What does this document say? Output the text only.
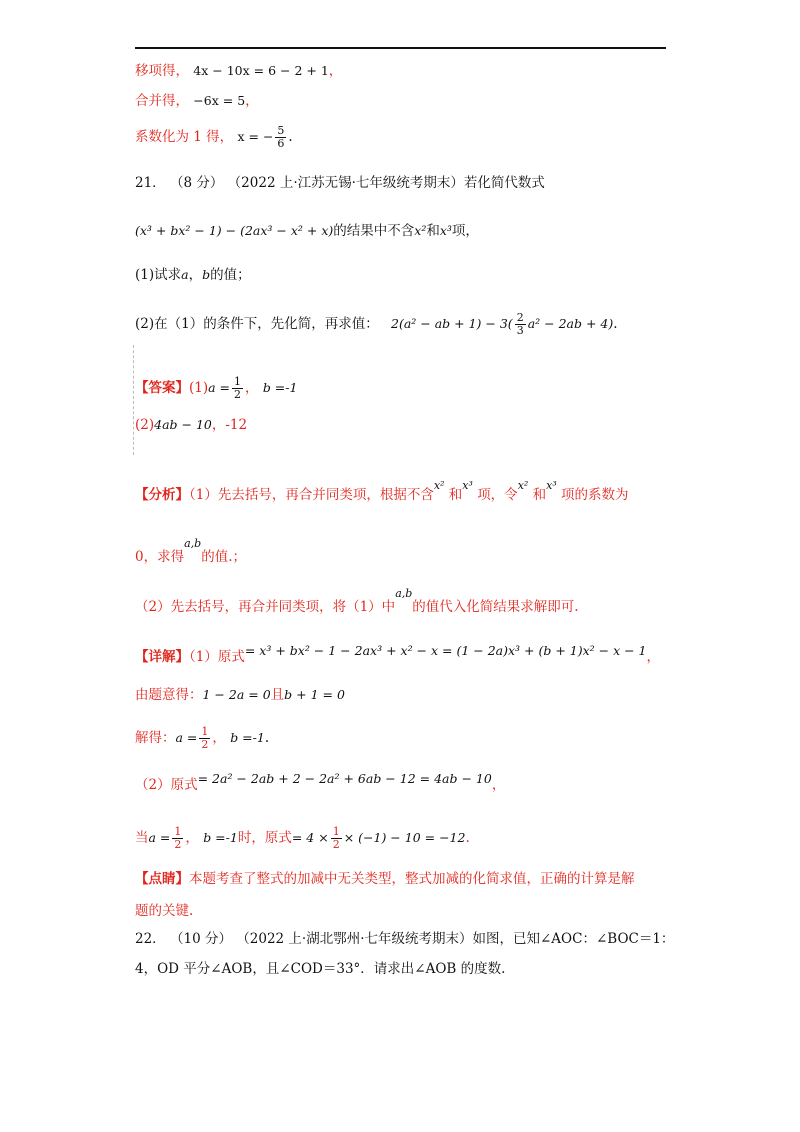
移项得， 4x − 10x = 6 − 2 + 1，
合并得， −6x = 5，
系数化为 1 得， x = − $\frac{5}{6}$ .
21． （8 分） （2022 上·江苏无锡·七年级统考期末）若化简代数式
(x³ + bx² − 1) − (2ax³ − x² + x)的结果中不含x²和x³项，
(1)试求a，b的值；
(2)在（1）的条件下，先化简，再求值： 2(a² − ab + $1) - 3( \frac{2}{3} a^2 - 2ab + 4)$.
【答案】$(1)a = \frac{1}{2}$ ， b =-1
(2)4ab − 10，-12
【分析】（1）先去括号，再合并同类项，根据不含$^{x^2}$ 和$^{x^3}$ 项，令$^{x^2}$ 和$^{x^3}$ 项的系数为
0，求得$^{a,b}$的值.；
（2）先去括号，再合并同类项，将（1）中$^{a,b}$的值代入化简结果求解即可.
【详解】（1）原式= x³ + bx² − 1 − 2ax³ + x² − x = (1 − 2a)x³ + (b + 1)x² − x − 1，
由题意得：1 − 2a = 0且b + 1 = 0
解得：$a = \frac{1}{2}$ ， b =-1.
（2）原式= 2a² − 2ab + 2 − 2a² + 6ab − 12 = 4ab − 10，
当$a = \frac{1}{2}$ ， b =-1时，原式= $4 \times \frac{1}{2} \times (-1) - 10 = -12$.
【点睛】本题考查了整式的加减中无关类型，整式加减的化简求值，正确的计算是解
题的关键.
22． （10 分） （2022 上·湖北鄂州·七年级统考期末）如图，已知∠AOC：∠BOC＝1：
4，OD 平分∠AOB，且∠COD＝33°．请求出∠AOB 的度数.
